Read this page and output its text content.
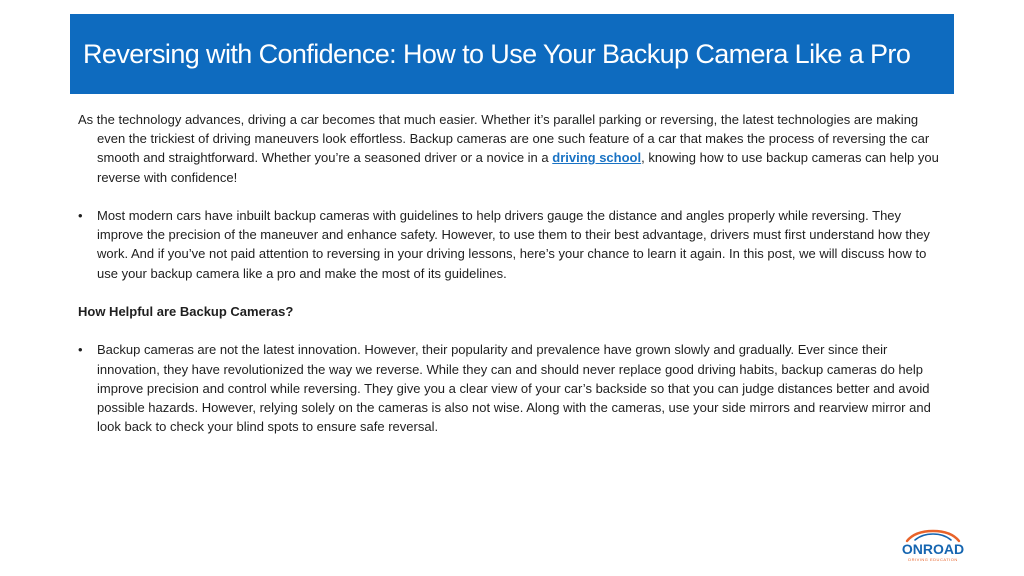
Reversing with Confidence: How to Use Your Backup Camera Like a Pro

As the technology advances, driving a car becomes that much easier. Whether it’s parallel parking or reversing, the latest technologies are making even the trickiest of driving maneuvers look effortless. Backup cameras are one such feature of a car that makes the process of reversing the car smooth and straightforward. Whether you’re a seasoned driver or a novice in a driving school, knowing how to use backup cameras can help you reverse with confidence!

• Most modern cars have inbuilt backup cameras with guidelines to help drivers gauge the distance and angles properly while reversing. They improve the precision of the maneuver and enhance safety. However, to use them to their best advantage, drivers must first understand how they work. And if you’ve not paid attention to reversing in your driving lessons, here’s your chance to learn it again. In this post, we will discuss how to use your backup camera like a pro and make the most of its guidelines.

How Helpful are Backup Cameras?

• Backup cameras are not the latest innovation. However, their popularity and prevalence have grown slowly and gradually. Ever since their innovation, they have revolutionized the way we reverse. While they can and should never replace good driving habits, backup cameras do help improve precision and control while reversing. They give you a clear view of your car’s backside so that you can judge distances better and avoid possible hazards. However, relying solely on the cameras is also not wise. Along with the cameras, use your side mirrors and rearview mirror and look back to check your blind spots to ensure safe reversal.

ONROAD
DRIVING EDUCATION
